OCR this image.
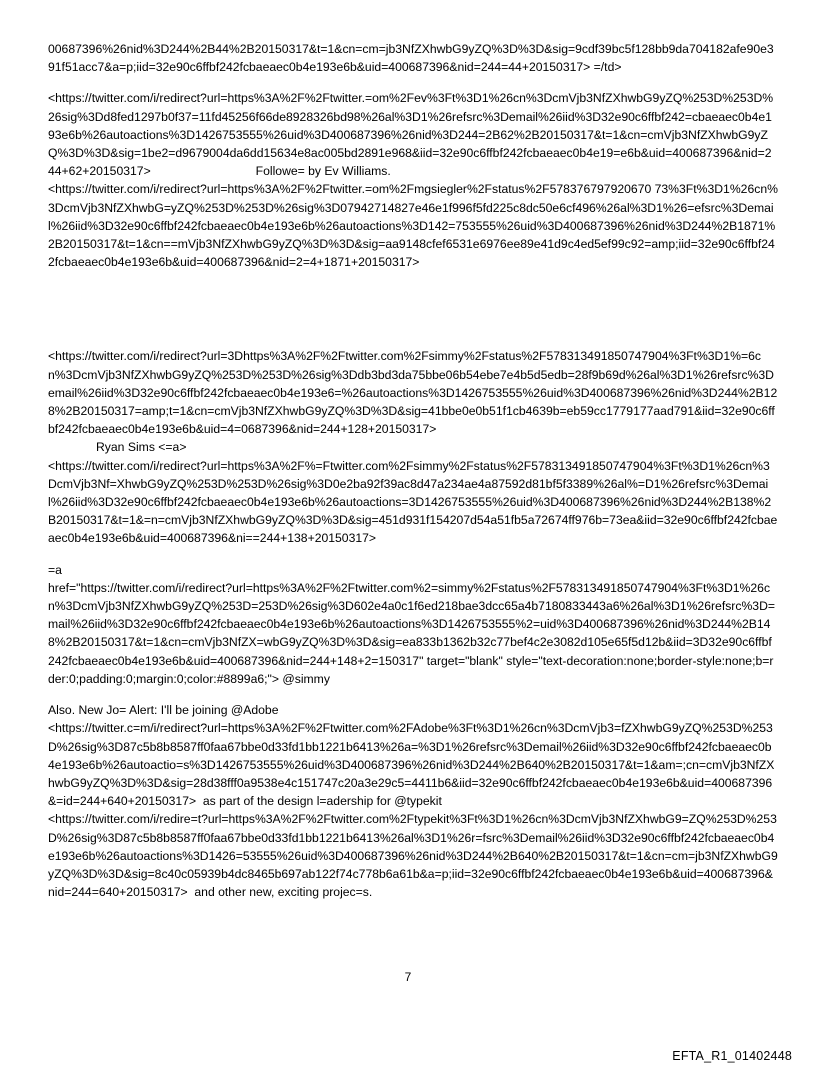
00687396%26nid%3D244%2B44%2B20150317&t=1&cn=cm=jb3NfZXhwbG9yZQ%3D%3D&sig=9cdf39bc5f128bb9da704182afe90e391f51acc7&a=p;iid=32e90c6ffbf242fcbaeaec0b4e193e6b&uid=400687396&nid=244=44+20150317> =/td>

<https://twitter.com/i/redirect?url=https%3A%2F%2Ftwitter.=om%2Fev%3Ft%3D1%26cn%3DcmVjb3NfZXhwbG9yZQ%253D%253D%26sig%3Dd8fed1297b0f37=11fd45256f66de8928326bd98%26al%3D1%26refsrc%3Demail%26iid%3D32e90c6ffbf242=cbaeaec0b4e193e6b%26autoactions%3D1426753555%26uid%3D400687396%26nid%3D244=2B62%2B20150317&t=1&cn=cmVjb3NfZXhwbG9yZQ%3D%3D&sig=1be2=d9679004da6dd15634e8ac005bd2891e968&iid=32e90c6ffbf242fcbaeaec0b4e19=e6b&uid=400687396&nid=244+62+20150317>                               Followe= by Ev Williams.
<https://twitter.com/i/redirect?url=https%3A%2F%2Ftwitter.=om%2Fmgsiegler%2Fstatus%2F578376797920670 73%3Ft%3D1%26cn%3DcmVjb3NfZXhwbG=yZQ%253D%253D%26sig%3D07942714827e46e1f996f5fd225c8dc50e6cf496%26al%3D1%26=efsrc%3Demail%26iid%3D32e90c6ffbf242fcbaeaec0b4e193e6b%26autoactions%3D142=753555%26uid%3D400687396%26nid%3D244%2B1871%2B20150317&t=1&cn==mVjb3NfZXhwbG9yZQ%3D%3D&sig=aa9148cfef6531e6976ee89e41d9c4ed5ef99c92=amp;iid=32e90c6ffbf242fcbaeaec0b4e193e6b&uid=400687396&nid=2=4+1871+20150317>

<https://twitter.com/i/redirect?url=3Dhttps%3A%2F%2Ftwitter.com%2Fsimmy%2Fstatus%2F578313491850747904%3Ft%3D1%=6cn%3DcmVjb3NfZXhwbG9yZQ%253D%253D%26sig%3Ddb3bd3da75bbe06b54ebe7e4b5d5edb=28f9b69d%26al%3D1%26refsrc%3Demail%26iid%3D32e90c6ffbf242fcbaeaec0b4e193e6=%26autoactions%3D1426753555%26uid%3D400687396%26nid%3D244%2B128%2B20150317=amp;t=1&cn=cmVjb3NfZXhwbG9yZQ%3D%3D&sig=41bbe0e0b51f1cb4639b=eb59cc1779177aad791&iid=32e90c6ffbf242fcbaeaec0b4e193e6b&uid=4=0687396&nid=244+128+20150317>

Ryan Sims <=a>

<https://twitter.com/i/redirect?url=https%3A%2F%=Ftwitter.com%2Fsimmy%2Fstatus%2F578313491850747904%3Ft%3D1%26cn%3DcmVjb3Nf=XhwbG9yZQ%253D%253D%26sig%3D0e2ba92f39ac8d47a234ae4a87592d81bf5f3389%26al%=D1%26refsrc%3Demail%26iid%3D32e90c6ffbf242fcbaeaec0b4e193e6b%26autoactions=3D1426753555%26uid%3D400687396%26nid%3D244%2B138%2B20150317&t=1&=n=cmVjb3NfZXhwbG9yZQ%3D%3D&sig=451d931f154207d54a51fb5a72674ff976b=73ea&iid=32e90c6ffbf242fcbaeaec0b4e193e6b&uid=400687396&ni==244+138+20150317>

=a
href="https://twitter.com/i/redirect?url=https%3A%2F%2Ftwitter.com%2=simmy%2Fstatus%2F578313491850747904%3Ft%3D1%26cn%3DcmVjb3NfZXhwbG9yZQ%253D=253D%26sig%3D602e4a0c1f6ed218bae3dcc65a4b7180833443a6%26al%3D1%26refsrc%3D=mail%26iid%3D32e90c6ffbf242fcbaeaec0b4e193e6b%26autoactions%3D1426753555%2=uid%3D400687396%26nid%3D244%2B148%2B20150317&t=1&cn=cmVjb3NfZX=wbG9yZQ%3D%3D&sig=ea833b1362b32c77bef4c2e3082d105e65f5d12b&iid=3D32e90c6ffbf242fcbaeaec0b4e193e6b&uid=400687396&nid=244+148+2=150317" target="blank" style="text-decoration:none;border-style:none;b=rder:0;padding:0;margin:0;color:#8899a6;"> @simmy

Also. New Jo= Alert: I'll be joining @Adobe
<https://twitter.c=m/i/redirect?url=https%3A%2F%2Ftwitter.com%2FAdobe%3Ft%3D1%26cn%3DcmVjb3=fZXhwbG9yZQ%253D%253D%26sig%3D87c5b8b8587ff0faa67bbe0d33fd1bb1221b6413%26a=%3D1%26refsrc%3Demail%26iid%3D32e90c6ffbf242fcbaeaec0b4e193e6b%26autoactio=s%3D1426753555%26uid%3D400687396%26nid%3D244%2B640%2B20150317&t=1&am=;cn=cmVjb3NfZXhwbG9yZQ%3D%3D&sig=28d38fff0a9538e4c151747c20a3e29c5=4411b6&iid=32e90c6ffbf242fcbaeaec0b4e193e6b&uid=400687396&=id=244+640+20150317>  as part of the design l=adership for @typekit
<https://twitter.com/i/redire=t?url=https%3A%2F%2Ftwitter.com%2Ftypekit%3Ft%3D1%26cn%3DcmVjb3NfZXhwbG9=ZQ%253D%253D%26sig%3D87c5b8b8587ff0faa67bbe0d33fd1bb1221b6413%26al%3D1%26r=fsrc%3Demail%26iid%3D32e90c6ffbf242fcbaeaec0b4e193e6b%26autoactions%3D1426=53555%26uid%3D400687396%26nid%3D244%2B640%2B20150317&t=1&cn=cm=jb3NfZXhwbG9yZQ%3D%3D&sig=8c40c05939b4dc8465b697ab122f74c778b6a61b&a=p;iid=32e90c6ffbf242fcbaeaec0b4e193e6b&uid=400687396&nid=244=640+20150317>  and other new, exciting projec=s.

7
EFTA_R1_01402448
